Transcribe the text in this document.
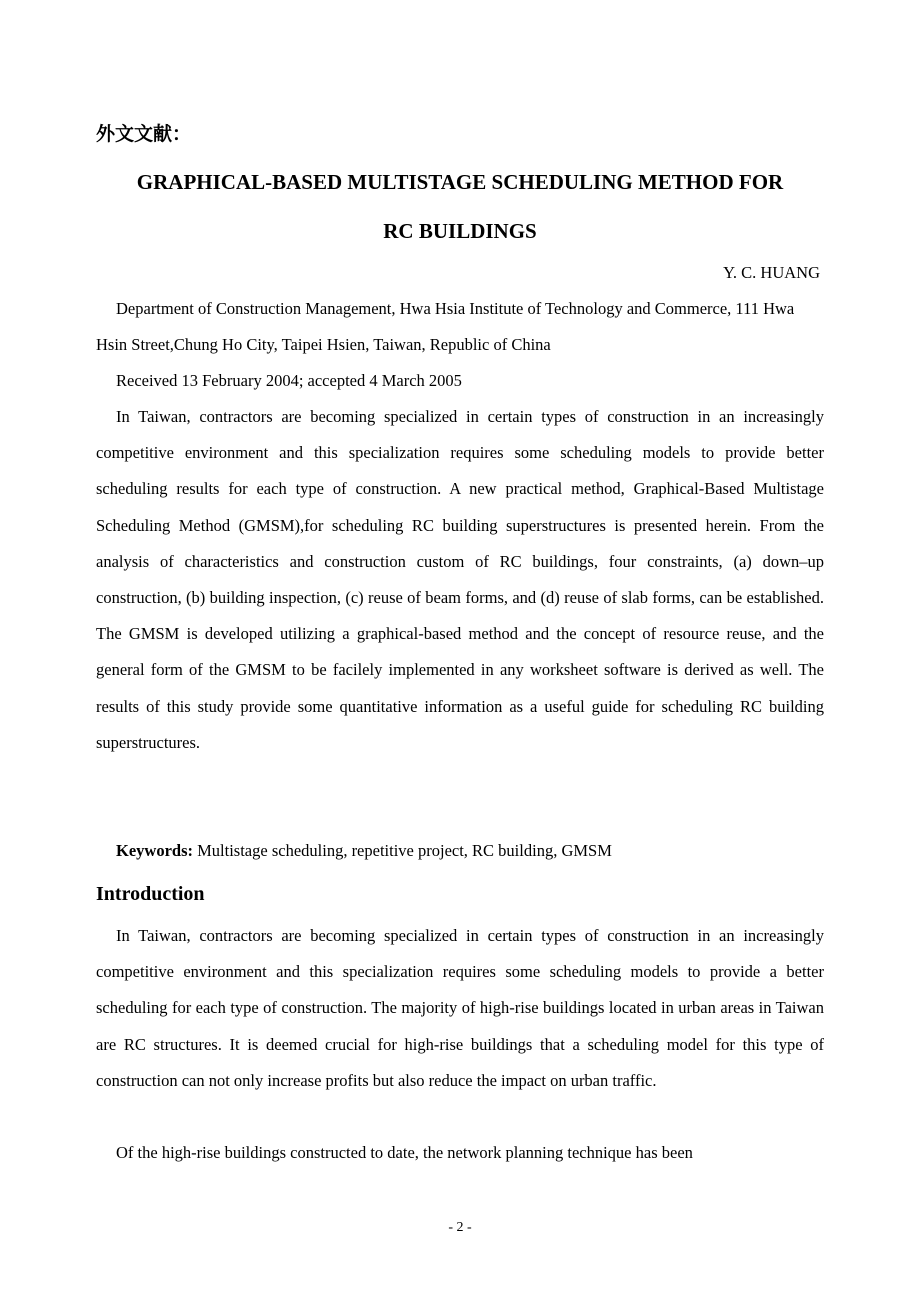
外文文献：
GRAPHICAL-BASED MULTISTAGE SCHEDULING METHOD FOR
RC BUILDINGS
Y. C. HUANG
Department of Construction Management, Hwa Hsia Institute of Technology and Commerce, 111 Hwa Hsin Street,Chung Ho City, Taipei Hsien, Taiwan, Republic of China
Received 13 February 2004; accepted 4 March 2005
In Taiwan, contractors are becoming specialized in certain types of construction in an increasingly competitive environment and this specialization requires some scheduling models to provide better scheduling results for each type of construction. A new practical method, Graphical-Based Multistage Scheduling Method (GMSM),for scheduling RC building superstructures is presented herein. From the analysis of characteristics and construction custom of RC buildings, four constraints, (a) down–up construction, (b) building inspection, (c) reuse of beam forms, and (d) reuse of slab forms, can be established. The GMSM is developed utilizing a graphical-based method and the concept of resource reuse, and the general form of the GMSM to be facilely implemented in any worksheet software is derived as well. The results of this study provide some quantitative information as a useful guide for scheduling RC building superstructures.
Keywords: Multistage scheduling, repetitive project, RC building, GMSM
Introduction
In Taiwan, contractors are becoming specialized in certain types of construction in an increasingly competitive environment and this specialization requires some scheduling models to provide a better scheduling for each type of construction. The majority of high-rise buildings located in urban areas in Taiwan are RC structures. It is deemed crucial for high-rise buildings that a scheduling model for this type of construction can not only increase profits but also reduce the impact on urban traffic.
Of the high-rise buildings constructed to date, the network planning technique has been
- 2 -
